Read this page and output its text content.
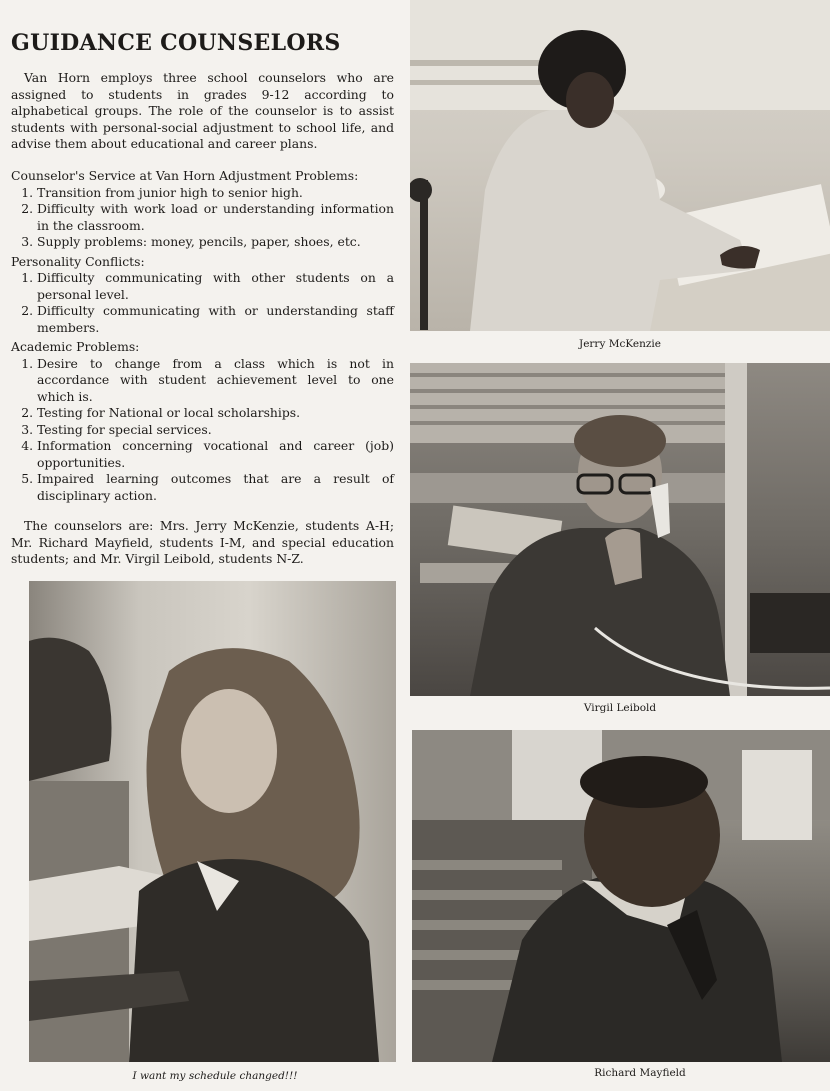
GUIDANCE COUNSELORS

Van Horn employs three school counselors who are assigned to students in grades 9-12 according to alphabetical groups. The role of the counselor is to assist students with personal-social adjustment to school life, and advise them about educational and career plans.

Counselor's Service at Van Horn Adjustment Problems:

1. Transition from junior high to senior high.
2. Difficulty with work load or understanding information in the classroom.
3. Supply problems: money, pencils, paper, shoes, etc.

Personality Conflicts:

1. Difficulty communicating with other students on a personal level.
2. Difficulty communicating with or understanding staff members.

Academic Problems:

1. Desire to change from a class which is not in accordance with student achievement level to one which is.
2. Testing for National or local scholarships.
3. Testing for special services.
4. Information concerning vocational and career (job) opportunities.
5. Impaired learning outcomes that are a result of disciplinary action.

The counselors are: Mrs. Jerry McKenzie, students A-H; Mr. Richard Mayfield, students I-M, and special education students; and Mr. Virgil Leibold, students N-Z.

Jerry McKenzie
Virgil Leibold
Richard Mayfield
I want my schedule changed!!!
